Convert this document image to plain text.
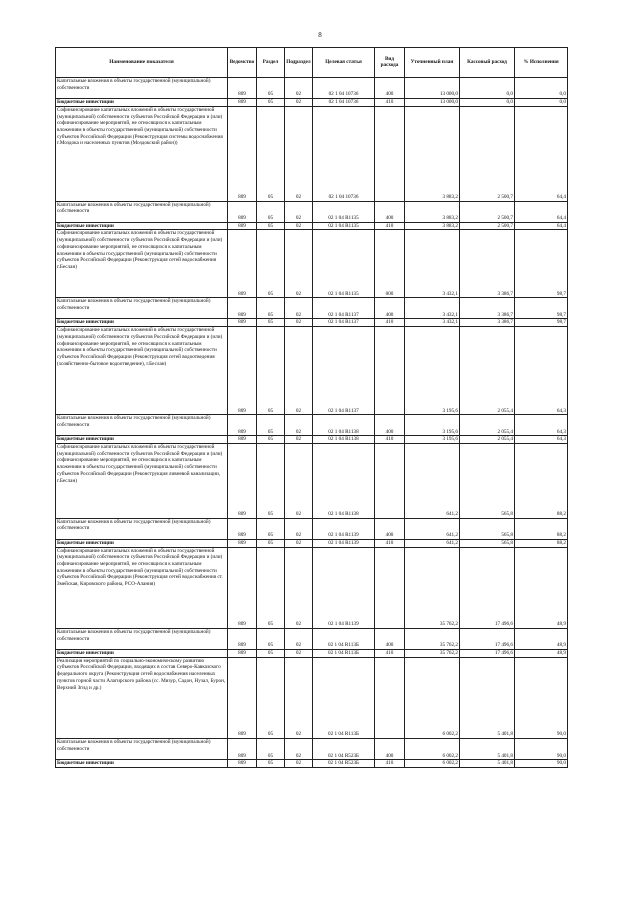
8
Наименование показателя	Ведомство	Раздел	Подраздел	Целевая статья	Вид расхода	Уточненный план	Кассовый расход	% Исполнения
Капитальные вложения в объекты государственной (муниципальной) собственности	809	05	02	02 1 04 10736	400	13 000,0	0,0	0,0
Бюджетные инвестиции	809	05	02	02 1 04 10736	410	13 000,0	0,0	0,0
Софинансирование капитальных вложений в объекты государственной (муниципальной) собственности субъектов Российской Федерации и (или) софинансирование мероприятий, не относящихся к капитальным вложениям в объекты государственной (муниципальной) собственности субъектов Российской Федерации (Реконструкция системы водоснабжения г.Моздока и населенных пунктов (Моздокский район))	809	05	02	02 1 04 10736		3 883,2	2 500,7	64,4
Капитальные вложения в объекты государственной (муниципальной) собственности	809	05	02	02 1 04 R1135	400	3 883,2	2 500,7	64,4
Бюджетные инвестиции	809	05	02	02 1 04 R1135	410	3 883,2	2 500,7	64,4
Софинансирование капитальных вложений в объекты государственной (муниципальной) собственности субъектов Российской Федерации и (или) софинансирование мероприятий, не относящихся к капитальным вложениям в объекты государственной (муниципальной) собственности субъектов Российской Федерации (Реконструкция сетей водоснабжения г.Беслан)	809	05	02	02 1 04 R1135	000	3 432,1	3 386,7	98,7
Капитальные вложения в объекты государственной (муниципальной) собственности	809	05	02	02 1 04 R1137	400	3 432,1	3 386,7	98,7
Бюджетные инвестиции	809	05	02	02 1 04 R1137	410	3 432,1	3 386,7	98,7
Софинансирование капитальных вложений в объекты государственной (муниципальной) собственности субъектов Российской Федерации и (или) софинансирование мероприятий, не относящихся к капитальным вложениям в объекты государственной (муниципальной) собственности субъектов Российской Федерации (Реконструкция сетей водоотведения (хозяйственно-бытовое водоотведение), г.Беслан)	809	05	02	02 1 04 R1137		3 195,6	2 055,4	64,3
Капитальные вложения в объекты государственной (муниципальной) собственности	809	05	02	02 1 04 R1138	400	3 195,6	2 055,4	64,3
Бюджетные инвестиции	809	05	02	02 1 04 R1138	410	3 195,6	2 055,4	64,3
Софинансирование капитальных вложений в объекты государственной (муниципальной) собственности субъектов Российской Федерации и (или) софинансирование мероприятий, не относящихся к капитальным вложениям в объекты государственной (муниципальной) собственности субъектов Российской Федерации (Реконструкция ливневой канализации, г.Беслан)	809	05	02	02 1 04 R1138		641,2	565,8	88,2
Капитальные вложения в объекты государственной (муниципальной) собственности	809	05	02	02 1 04 R1139	400	641,2	565,8	88,2
Бюджетные инвестиции	809	05	02	02 1 04 R1139	410	641,2	565,8	88,2
Софинансирование капитальных вложений в объекты государственной (муниципальной) собственности субъектов Российской Федерации и (или) софинансирование мероприятий, не относящихся к капитальным вложениям в объекты государственной (муниципальной) собственности субъектов Российской Федерации (Реконструкция сетей водоснабжения ст. Змейская, Кировского района, РСО-Алания)	809	05	02	02 1 04 R1139		35 762,2	17 496,6	48,9
Капитальные вложения в объекты государственной (муниципальной) собственности	809	05	02	02 1 04 R113Б	400	35 762,2	17 496,6	48,9
Бюджетные инвестиции	809	05	02	02 1 04 R113Б	410	35 762,2	17 496,6	48,9
Реализация мероприятий по социально-экономическому развитию субъектов Российской Федерации, входящих в состав Северо-Кавказского федерального округа (Реконструкция сетей водоснабжения населенных пунктов горной части Алагирского района (сс. Мизур, Садон, Нузал, Бурон, Верхний Згид и др.)	809	05	02	02 1 04 R113Б		6 002,2	5 401,8	90,0
Капитальные вложения в объекты государственной (муниципальной) собственности	809	05	02	02 1 04 R523Б	400	6 002,2	5 401,8	90,0
Бюджетные инвестиции	809	05	02	02 1 04 R523Б	410	6 002,2	5 401,8	90,0
